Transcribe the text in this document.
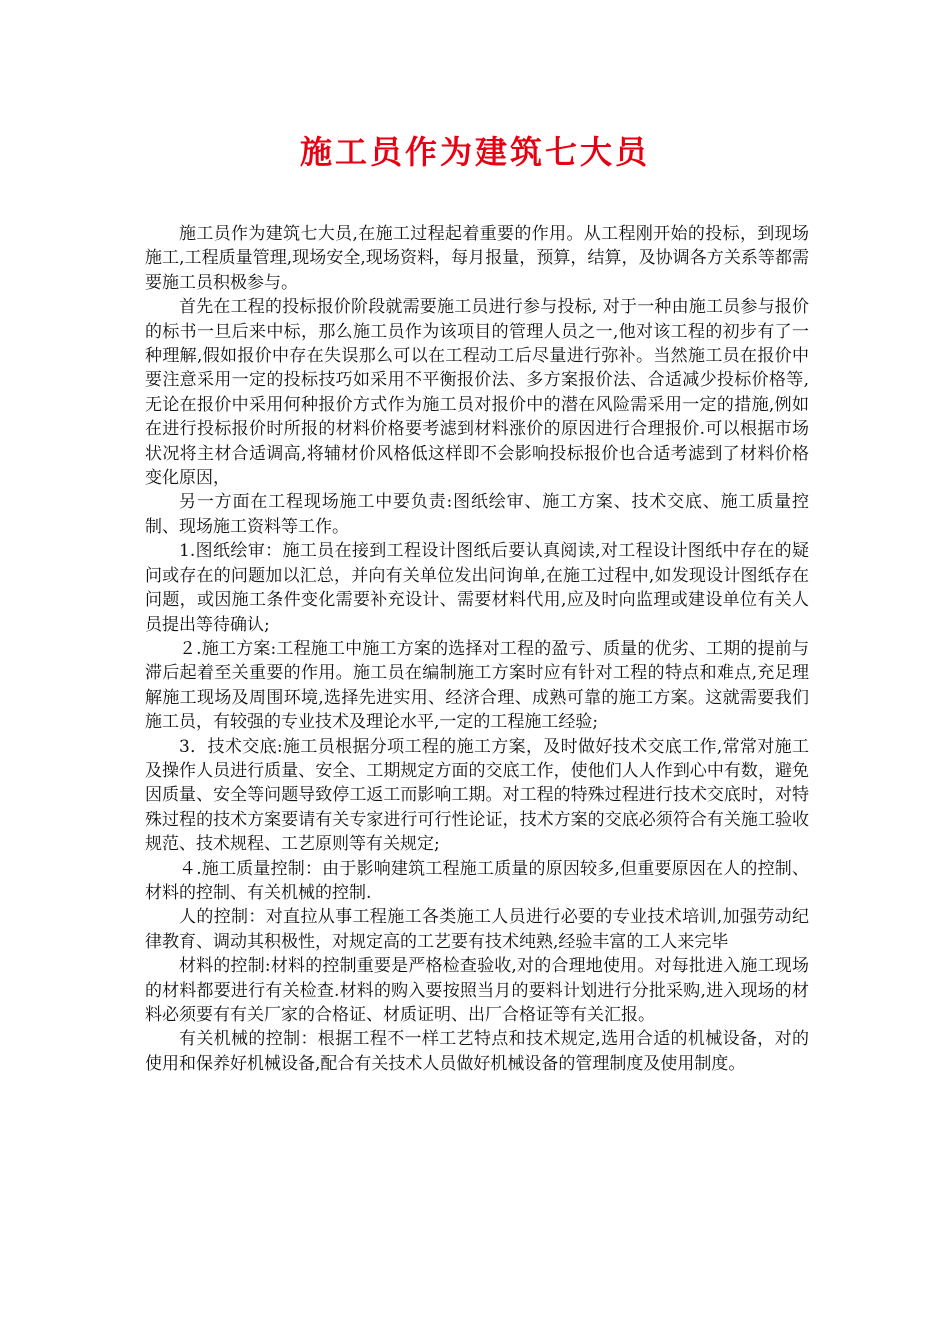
施工员作为建筑七大员

施工员作为建筑七大员,在施工过程起着重要的作用。从工程刚开始的投标，到现场施工,工程质量管理,现场安全,现场资料，每月报量，预算，结算，及协调各方关系等都需要施工员积极参与。

首先在工程的投标报价阶段就需要施工员进行参与投标, 对于一种由施工员参与报价的标书一旦后来中标，那么施工员作为该项目的管理人员之一,他对该工程的初步有了一种理解,假如报价中存在失误那么可以在工程动工后尽量进行弥补。当然施工员在报价中要注意采用一定的投标技巧如采用不平衡报价法、多方案报价法、合适减少投标价格等,无论在报价中采用何种报价方式作为施工员对报价中的潜在风险需采用一定的措施,例如在进行投标报价时所报的材料价格要考滤到材料涨价的原因进行合理报价.可以根据市场状况将主材合适调高,将辅材价风格低这样即不会影响投标报价也合适考滤到了材料价格变化原因，

另一方面在工程现场施工中要负责:图纸绘审、施工方案、技术交底、施工质量控制、现场施工资料等工作。

1.图纸绘审：施工员在接到工程设计图纸后要认真阅读,对工程设计图纸中存在的疑问或存在的问题加以汇总，并向有关单位发出问询单,在施工过程中,如发现设计图纸存在问题，或因施工条件变化需要补充设计、需要材料代用,应及时向监理或建设单位有关人员提出等待确认;

２.施工方案:工程施工中施工方案的选择对工程的盈亏、质量的优劣、工期的提前与滞后起着至关重要的作用。施工员在编制施工方案时应有针对工程的特点和难点,充足理解施工现场及周围环境,选择先进实用、经济合理、成熟可靠的施工方案。这就需要我们施工员，有较强的专业技术及理论水平,一定的工程施工经验;

3．技术交底:施工员根据分项工程的施工方案，及时做好技术交底工作,常常对施工及操作人员进行质量、安全、工期规定方面的交底工作，使他们人人作到心中有数，避免因质量、安全等问题导致停工返工而影响工期。对工程的特殊过程进行技术交底时，对特殊过程的技术方案要请有关专家进行可行性论证，技术方案的交底必须符合有关施工验收规范、技术规程、工艺原则等有关规定;

４.施工质量控制：由于影响建筑工程施工质量的原因较多,但重要原因在人的控制、材料的控制、有关机械的控制.

人的控制：对直拉从事工程施工各类施工人员进行必要的专业技术培训,加强劳动纪律教育、调动其积极性，对规定高的工艺要有技术纯熟,经验丰富的工人来完毕

材料的控制:材料的控制重要是严格检查验收,对的合理地使用。对每批进入施工现场的材料都要进行有关检查.材料的购入要按照当月的要料计划进行分批采购,进入现场的材料必须要有有关厂家的合格证、材质证明、出厂合格证等有关汇报。

有关机械的控制：根据工程不一样工艺特点和技术规定,选用合适的机械设备，对的使用和保养好机械设备,配合有关技术人员做好机械设备的管理制度及使用制度。
